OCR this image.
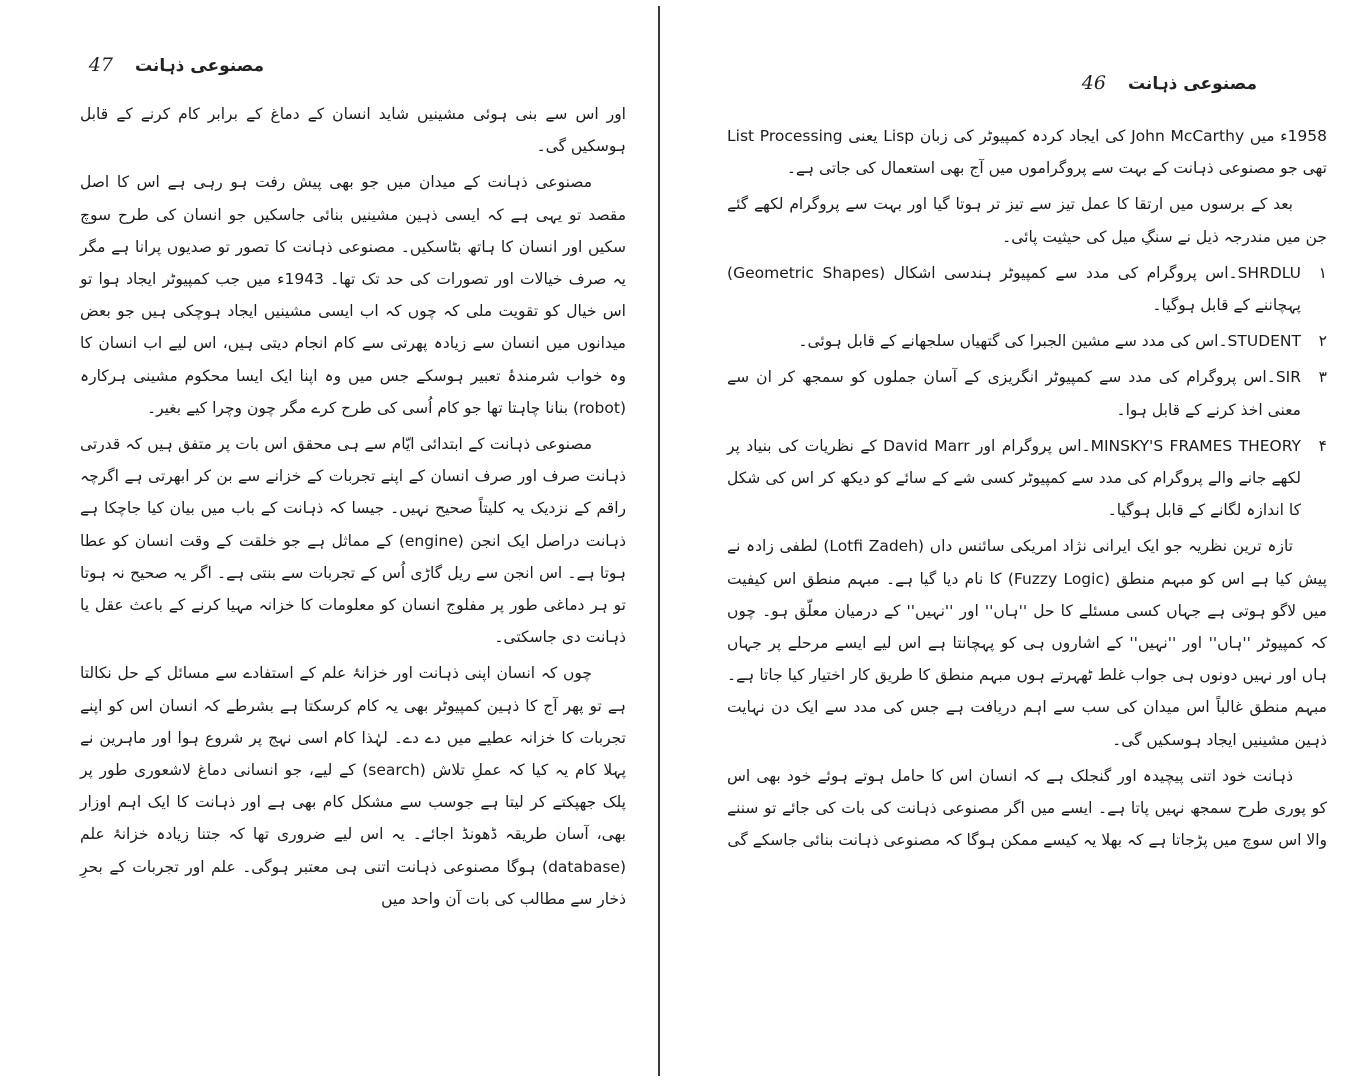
مصنوعی ذہانت
47

اور اس سے بنی ہوئی مشینیں شاید انسان کے دماغ کے برابر کام کرنے کے قابل ہوسکیں گی۔

مصنوعی ذہانت کے میدان میں جو بھی پیش رفت ہو رہی ہے اس کا اصل مقصد تو یہی ہے کہ ایسی ذہین مشینیں بنائی جاسکیں جو انسان کی طرح سوچ سکیں اور انسان کا ہاتھ بٹاسکیں۔ مصنوعی ذہانت کا تصور تو صدیوں پرانا ہے مگر یہ صرف خیالات اور تصورات کی حد تک تھا۔ 1943ء میں جب کمپیوٹر ایجاد ہوا تو اس خیال کو تقویت ملی کہ چوں کہ اب ایسی مشینیں ایجاد ہوچکی ہیں جو بعض میدانوں میں انسان سے زیادہ پھرتی سے کام انجام دیتی ہیں، اس لیے اب انسان کا وہ خواب شرمندۂ تعبیر ہوسکے جس میں وہ اپنا ایک ایسا محکوم مشینی ہرکارہ (robot) بنانا چاہتا تھا جو کام اُسی کی طرح کرے مگر چون وچرا کیے بغیر۔

مصنوعی ذہانت کے ابتدائی ایّام سے ہی محقق اس بات پر متفق ہیں کہ قدرتی ذہانت صرف اور صرف انسان کے اپنے تجربات کے خزانے سے بن کر ابھرتی ہے اگرچہ راقم کے نزدیک یہ کلیتاً صحیح نہیں۔ جیسا کہ ذہانت کے باب میں بیان کیا جاچکا ہے ذہانت دراصل ایک انجن (engine) کے مماثل ہے جو خلقت کے وقت انسان کو عطا ہوتا ہے۔ اس انجن سے ریل گاڑی اُس کے تجربات سے بنتی ہے۔ اگر یہ صحیح نہ ہوتا تو ہر دماغی طور پر مفلوج انسان کو معلومات کا خزانہ مہیا کرنے کے باعث عقل یا ذہانت دی جاسکتی۔

چوں کہ انسان اپنی ذہانت اور خزانۂ علم کے استفادے سے مسائل کے حل نکالتا ہے تو پھر آج کا ذہین کمپیوٹر بھی یہ کام کرسکتا ہے بشرطے کہ انسان اس کو اپنے تجربات کا خزانہ عطیے میں دے دے۔ لہٰذا کام اسی نہج پر شروع ہوا اور ماہرین نے پہلا کام یہ کیا کہ عملِ تلاش (search) کے لیے، جو انسانی دماغ لاشعوری طور پر پلک جھپکتے کر لیتا ہے جوسب سے مشکل کام بھی ہے اور ذہانت کا ایک اہم اوزار بھی، آسان طریقہ ڈھونڈ اجائے۔ یہ اس لیے ضروری تھا کہ جتنا زیادہ خزانۂ علم (database) ہوگا مصنوعی ذہانت اتنی ہی معتبر ہوگی۔ علم اور تجربات کے بحرِ ذخار سے مطالب کی بات آن واحد میں

مصنوعی ذہانت
46

1958ء میں John McCarthy کی ایجاد کردہ کمپیوٹر کی زبان Lisp یعنی List Processing تھی جو مصنوعی ذہانت کے بہت سے پروگراموں میں آج بھی استعمال کی جاتی ہے۔

بعد کے برسوں میں ارتقا کا عمل تیز سے تیز تر ہوتا گیا اور بہت سے پروگرام لکھے گئے جن میں مندرجہ ذیل نے سنگِ میل کی حیثیت پائی۔

۱
SHRDLU۔اس پروگرام کی مدد سے کمپیوٹر ہندسی اشکال (Geometric Shapes) پہچاننے کے قابل ہوگیا۔
۲
STUDENT۔اس کی مدد سے مشین الجبرا کی گتھیاں سلجھانے کے قابل ہوئی۔
۳
SIR۔اس پروگرام کی مدد سے کمپیوٹر انگریزی کے آسان جملوں کو سمجھ کر ان سے معنی اخذ کرنے کے قابل ہوا۔
۴
MINSKY'S FRAMES THEORY۔اس پروگرام اور David Marr کے نظریات کی بنیاد پر لکھے جانے والے پروگرام کی مدد سے کمپیوٹر کسی شے کے سائے کو دیکھ کر اس کی شکل کا اندازہ لگانے کے قابل ہوگیا۔

تازہ ترین نظریہ جو ایک ایرانی نژاد امریکی سائنس داں (Lotfi Zadeh) لطفی زادہ نے پیش کیا ہے اس کو مبہم منطق (Fuzzy Logic) کا نام دیا گیا ہے۔ مبہم منطق اس کیفیت میں لاگو ہوتی ہے جہاں کسی مسئلے کا حل ''ہاں'' اور ''نہیں'' کے درمیان معلّق ہو۔ چوں کہ کمپیوٹر ''ہاں'' اور ''نہیں'' کے اشاروں ہی کو پہچانتا ہے اس لیے ایسے مرحلے پر جہاں ہاں اور نہیں دونوں ہی جواب غلط ٹھہرتے ہوں مبہم منطق کا طریق کار اختیار کیا جاتا ہے۔ مبہم منطق غالباً اس میدان کی سب سے اہم دریافت ہے جس کی مدد سے ایک دن نہایت ذہین مشینیں ایجاد ہوسکیں گی۔

ذہانت خود اتنی پیچیدہ اور گنجلک ہے کہ انسان اس کا حامل ہوتے ہوئے خود بھی اس کو پوری طرح سمجھ نہیں پاتا ہے۔ ایسے میں اگر مصنوعی ذہانت کی بات کی جائے تو سننے والا اس سوچ میں پڑجاتا ہے کہ بھلا یہ کیسے ممکن ہوگا کہ مصنوعی ذہانت بنائی جاسکے گی
